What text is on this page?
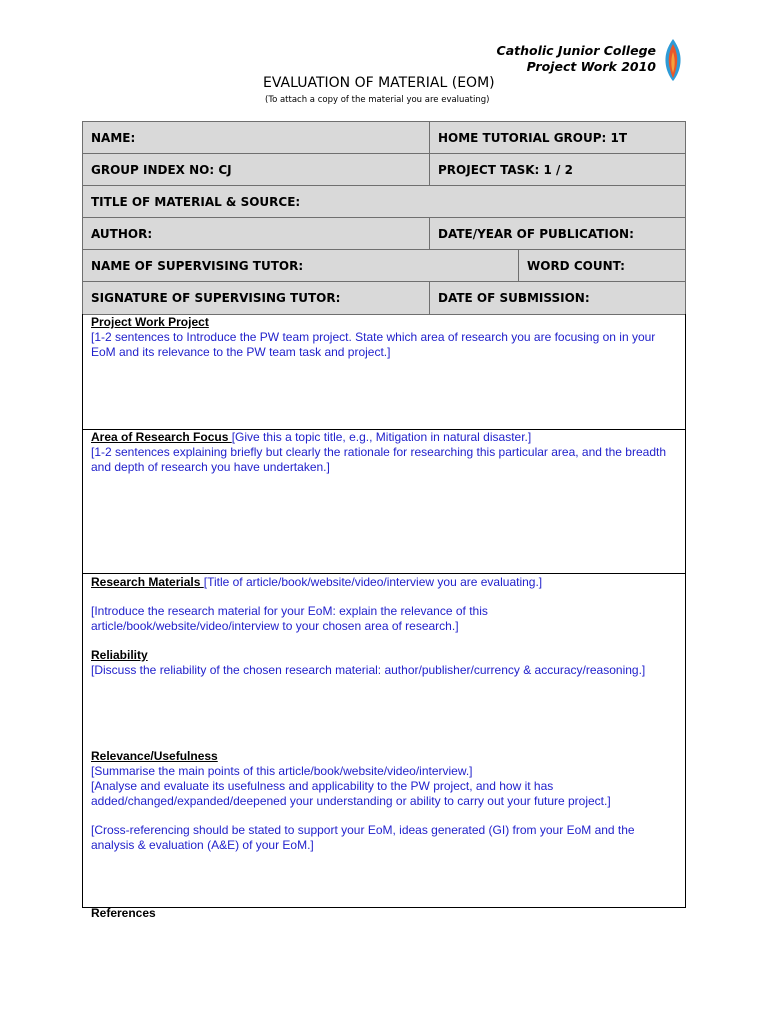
Catholic Junior College
Project Work 2010
EVALUATION OF MATERIAL (EOM)
(To attach a copy of the material you are evaluating)
NAME:	HOME TUTORIAL GROUP: 1T
GROUP INDEX NO: CJ	PROJECT TASK: 1 / 2
TITLE OF MATERIAL & SOURCE:
AUTHOR:	DATE/YEAR OF PUBLICATION:
NAME OF SUPERVISING TUTOR:	WORD COUNT:
SIGNATURE OF SUPERVISING TUTOR:	DATE OF SUBMISSION:

Project Work Project

[1-2 sentences to Introduce the PW team project. State which area of research you are focusing on in your EoM and its relevance to the PW team task and project.]

Area of Research Focus [Give this a topic title, e.g., Mitigation in natural disaster.]

[1-2 sentences explaining briefly but clearly the rationale for researching this particular area, and the breadth and depth of research you have undertaken.]

Research Materials [Title of article/book/website/video/interview you are evaluating.]

[Introduce the research material for your EoM: explain the relevance of this article/book/website/video/interview to your chosen area of research.]

Reliability

[Discuss the reliability of the chosen research material: author/publisher/currency & accuracy/reasoning.]

Relevance/Usefulness

[Summarise the main points of this article/book/website/video/interview.]

[Analyse and evaluate its usefulness and applicability to the PW project, and how it has added/changed/expanded/deepened your understanding or ability to carry out your future project.]

[Cross-referencing should be stated to support your EoM, ideas generated (GI) from your EoM and the analysis & evaluation (A&E) of your EoM.]

References
